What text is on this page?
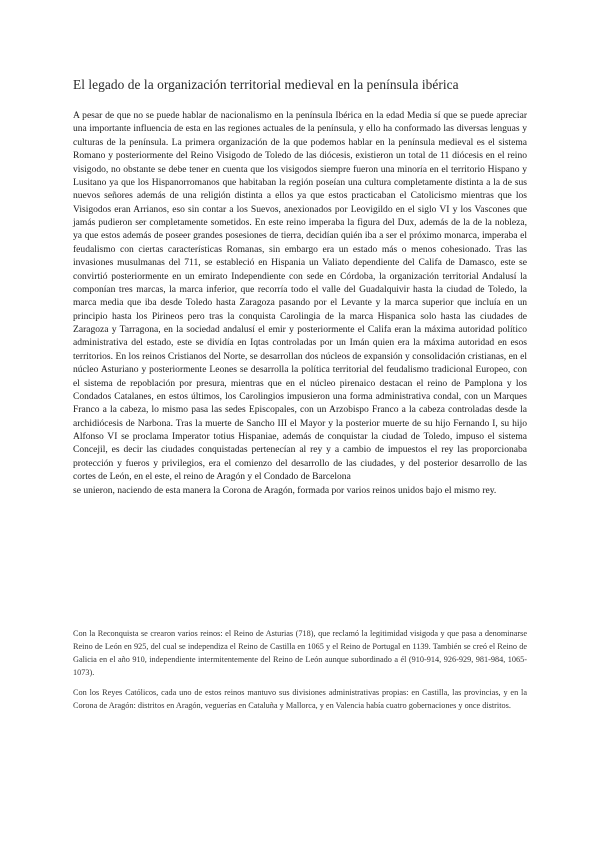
El legado de la organización territorial medieval en la península ibérica

A pesar de que no se puede hablar de nacionalismo en la península Ibérica en la edad Media sí que se puede apreciar una importante influencia de esta en las regiones actuales de la península, y ello ha conformado las diversas lenguas y culturas de la península. La primera organización de la que podemos hablar en la península medieval es el sistema Romano y posteriormente del Reino Visigodo de Toledo de las diócesis, existieron un total de 11 diócesis en el reino visigodo, no obstante se debe tener en cuenta que los visigodos siempre fueron una minoría en el territorio Hispano y Lusitano ya que los Hispanorromanos que habitaban la región poseían una cultura completamente distinta a la de sus nuevos señores además de una religión distinta a ellos ya que estos practicaban el Catolicismo mientras que los Visigodos eran Arrianos, eso sin contar a los Suevos, anexionados por Leovigildo en el siglo VI y los Vascones que jamás pudieron ser completamente sometidos. En este reino imperaba la figura del Dux, además de la de la nobleza, ya que estos además de poseer grandes posesiones de tierra, decidían quién iba a ser el próximo monarca, imperaba el feudalismo con ciertas características Romanas, sin embargo era un estado más o menos cohesionado. Tras las invasiones musulmanas del 711, se estableció en Hispania un Valiato dependiente del Califa de Damasco, este se convirtió posteriormente en un emirato Independiente con sede en Córdoba, la organización territorial Andalusí la componían tres marcas, la marca inferior, que recorría todo el valle del Guadalquivir hasta la ciudad de Toledo, la marca media que iba desde Toledo hasta Zaragoza pasando por el Levante y la marca superior que incluía en un principio hasta los Pirineos pero tras la conquista Carolingia de la marca Hispanica solo hasta las ciudades de Zaragoza y Tarragona, en la sociedad andalusí el emir y posteriormente el Califa eran la máxima autoridad político administrativa del estado, este se dividía en Iqtas controladas por un Imán quien era la máxima autoridad en esos territorios. En los reinos Cristianos del Norte, se desarrollan dos núcleos de expansión y consolidación cristianas, en el núcleo Asturiano y posteriormente Leones se desarrolla la política territorial del feudalismo tradicional Europeo, con el sistema de repoblación por presura, mientras que en el núcleo pirenaico destacan el reino de Pamplona y los Condados Catalanes, en estos últimos, los Carolingios impusieron una forma administrativa condal, con un Marques Franco a la cabeza, lo mismo pasa las sedes Episcopales, con un Arzobispo Franco a la cabeza controladas desde la archidiócesis de Narbona. Tras la muerte de Sancho III el Mayor y la posterior muerte de su hijo Fernando I, su hijo Alfonso VI se proclama Imperator totius Hispaniae, además de conquistar la ciudad de Toledo, impuso el sistema Concejil, es decir las ciudades conquistadas pertenecían al rey y a cambio de impuestos el rey las proporcionaba protección y fueros y privilegios, era el comienzo del desarrollo de las ciudades, y del posterior desarrollo de las cortes de León, en el este, el reino de Aragón y el Condado de Barcelona
se unieron, naciendo de esta manera la Corona de Aragón, formada por varios reinos unidos bajo el mismo rey.

Con la Reconquista se crearon varios reinos: el Reino de Asturias (718), que reclamó la legitimidad visigoda y que pasa a denominarse Reino de León en 925, del cual se independiza el Reino de Castilla en 1065 y el Reino de Portugal en 1139. También se creó el Reino de Galicia en el año 910, independiente intermitentemente del Reino de León aunque subordinado a él (910-914, 926-929, 981-984, 1065-1073).

Con los Reyes Católicos, cada uno de estos reinos mantuvo sus divisiones administrativas propias: en Castilla, las provincias, y en la Corona de Aragón: distritos en Aragón, veguerías en Cataluña y Mallorca, y en Valencia había cuatro gobernaciones y once distritos.
